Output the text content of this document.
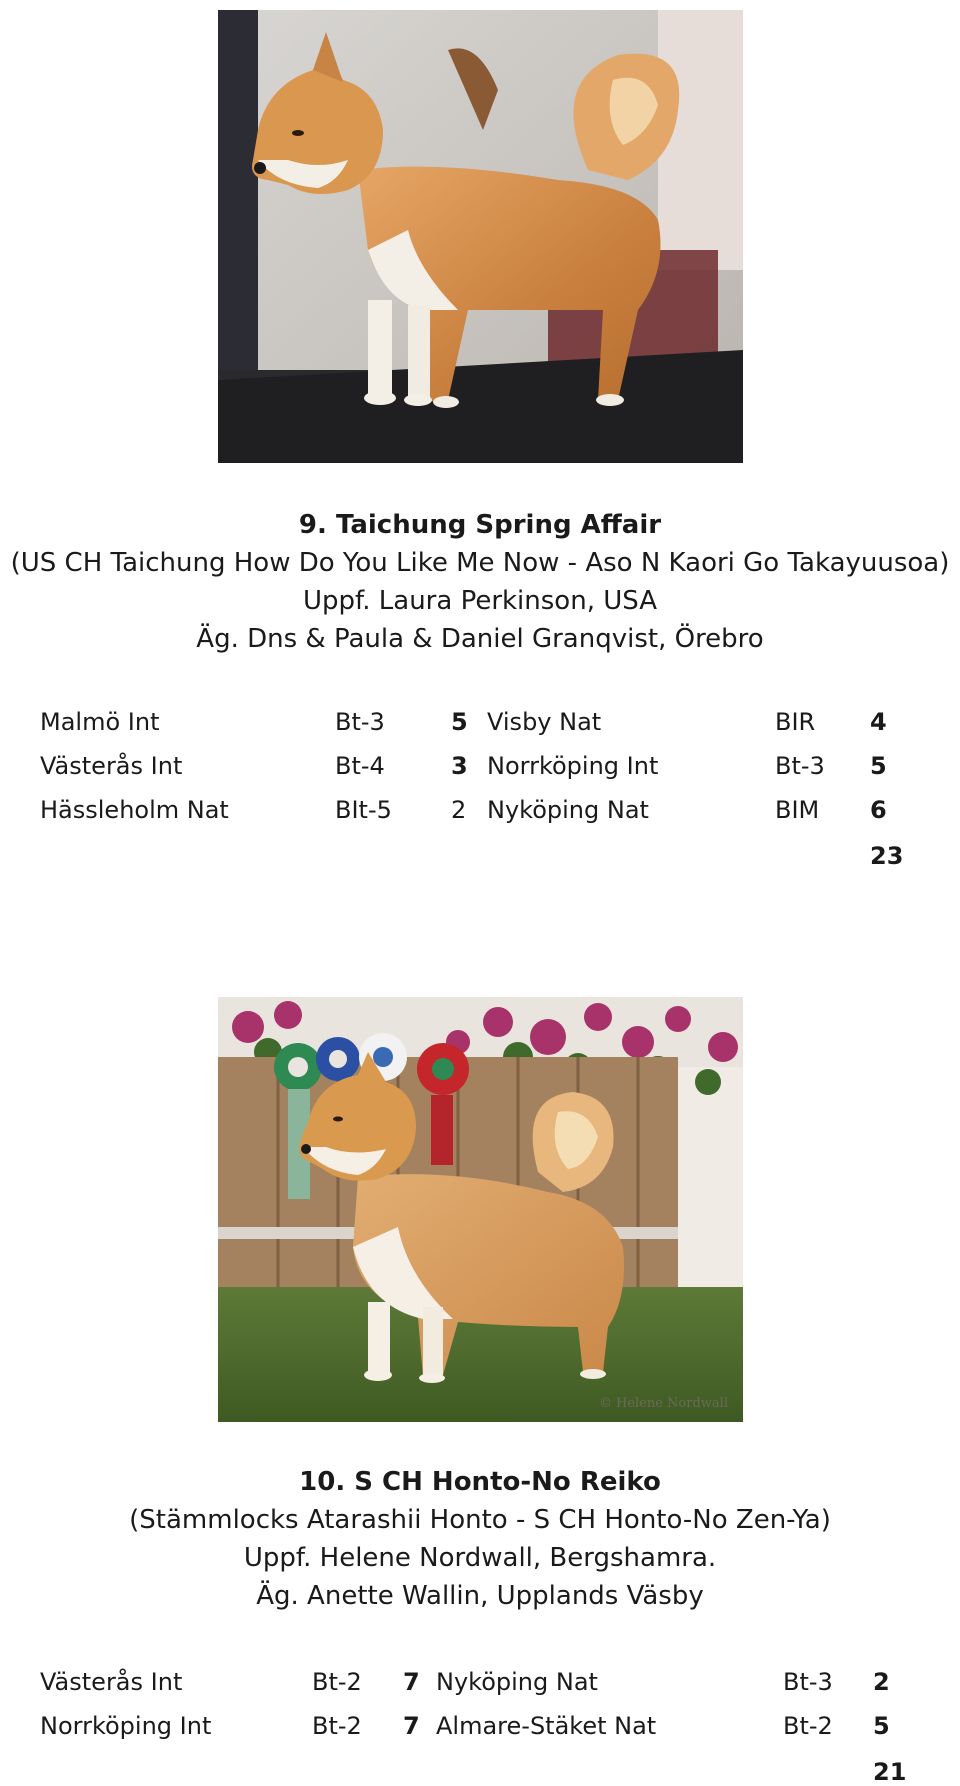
9. Taichung Spring Affair
(US CH Taichung How Do You Like Me Now - Aso N Kaori Go Takayuusoa)
Uppf. Laura Perkinson, USA
Äg. Dns & Paula & Daniel Granqvist, Örebro
Malmö Int	Bt-3	5 Visby Nat	BIR 4
Västerås Int	Bt-4	3 Norrköping Int	Bt-3 5
Hässleholm Nat	BIt-5 2 Nyköping Nat	BIM 6
23
© Helene Nordwall
10. S CH Honto-No Reiko
(Stämmlocks Atarashii Honto - S CH Honto-No Zen-Ya)
Uppf. Helene Nordwall, Bergshamra.
Äg. Anette Wallin, Upplands Väsby
Västerås Int	Bt-2 7 Nyköping Nat	Bt-3 2
Norrköping Int	Bt-2 7 Almare-Stäket Nat	Bt-2 5
21
